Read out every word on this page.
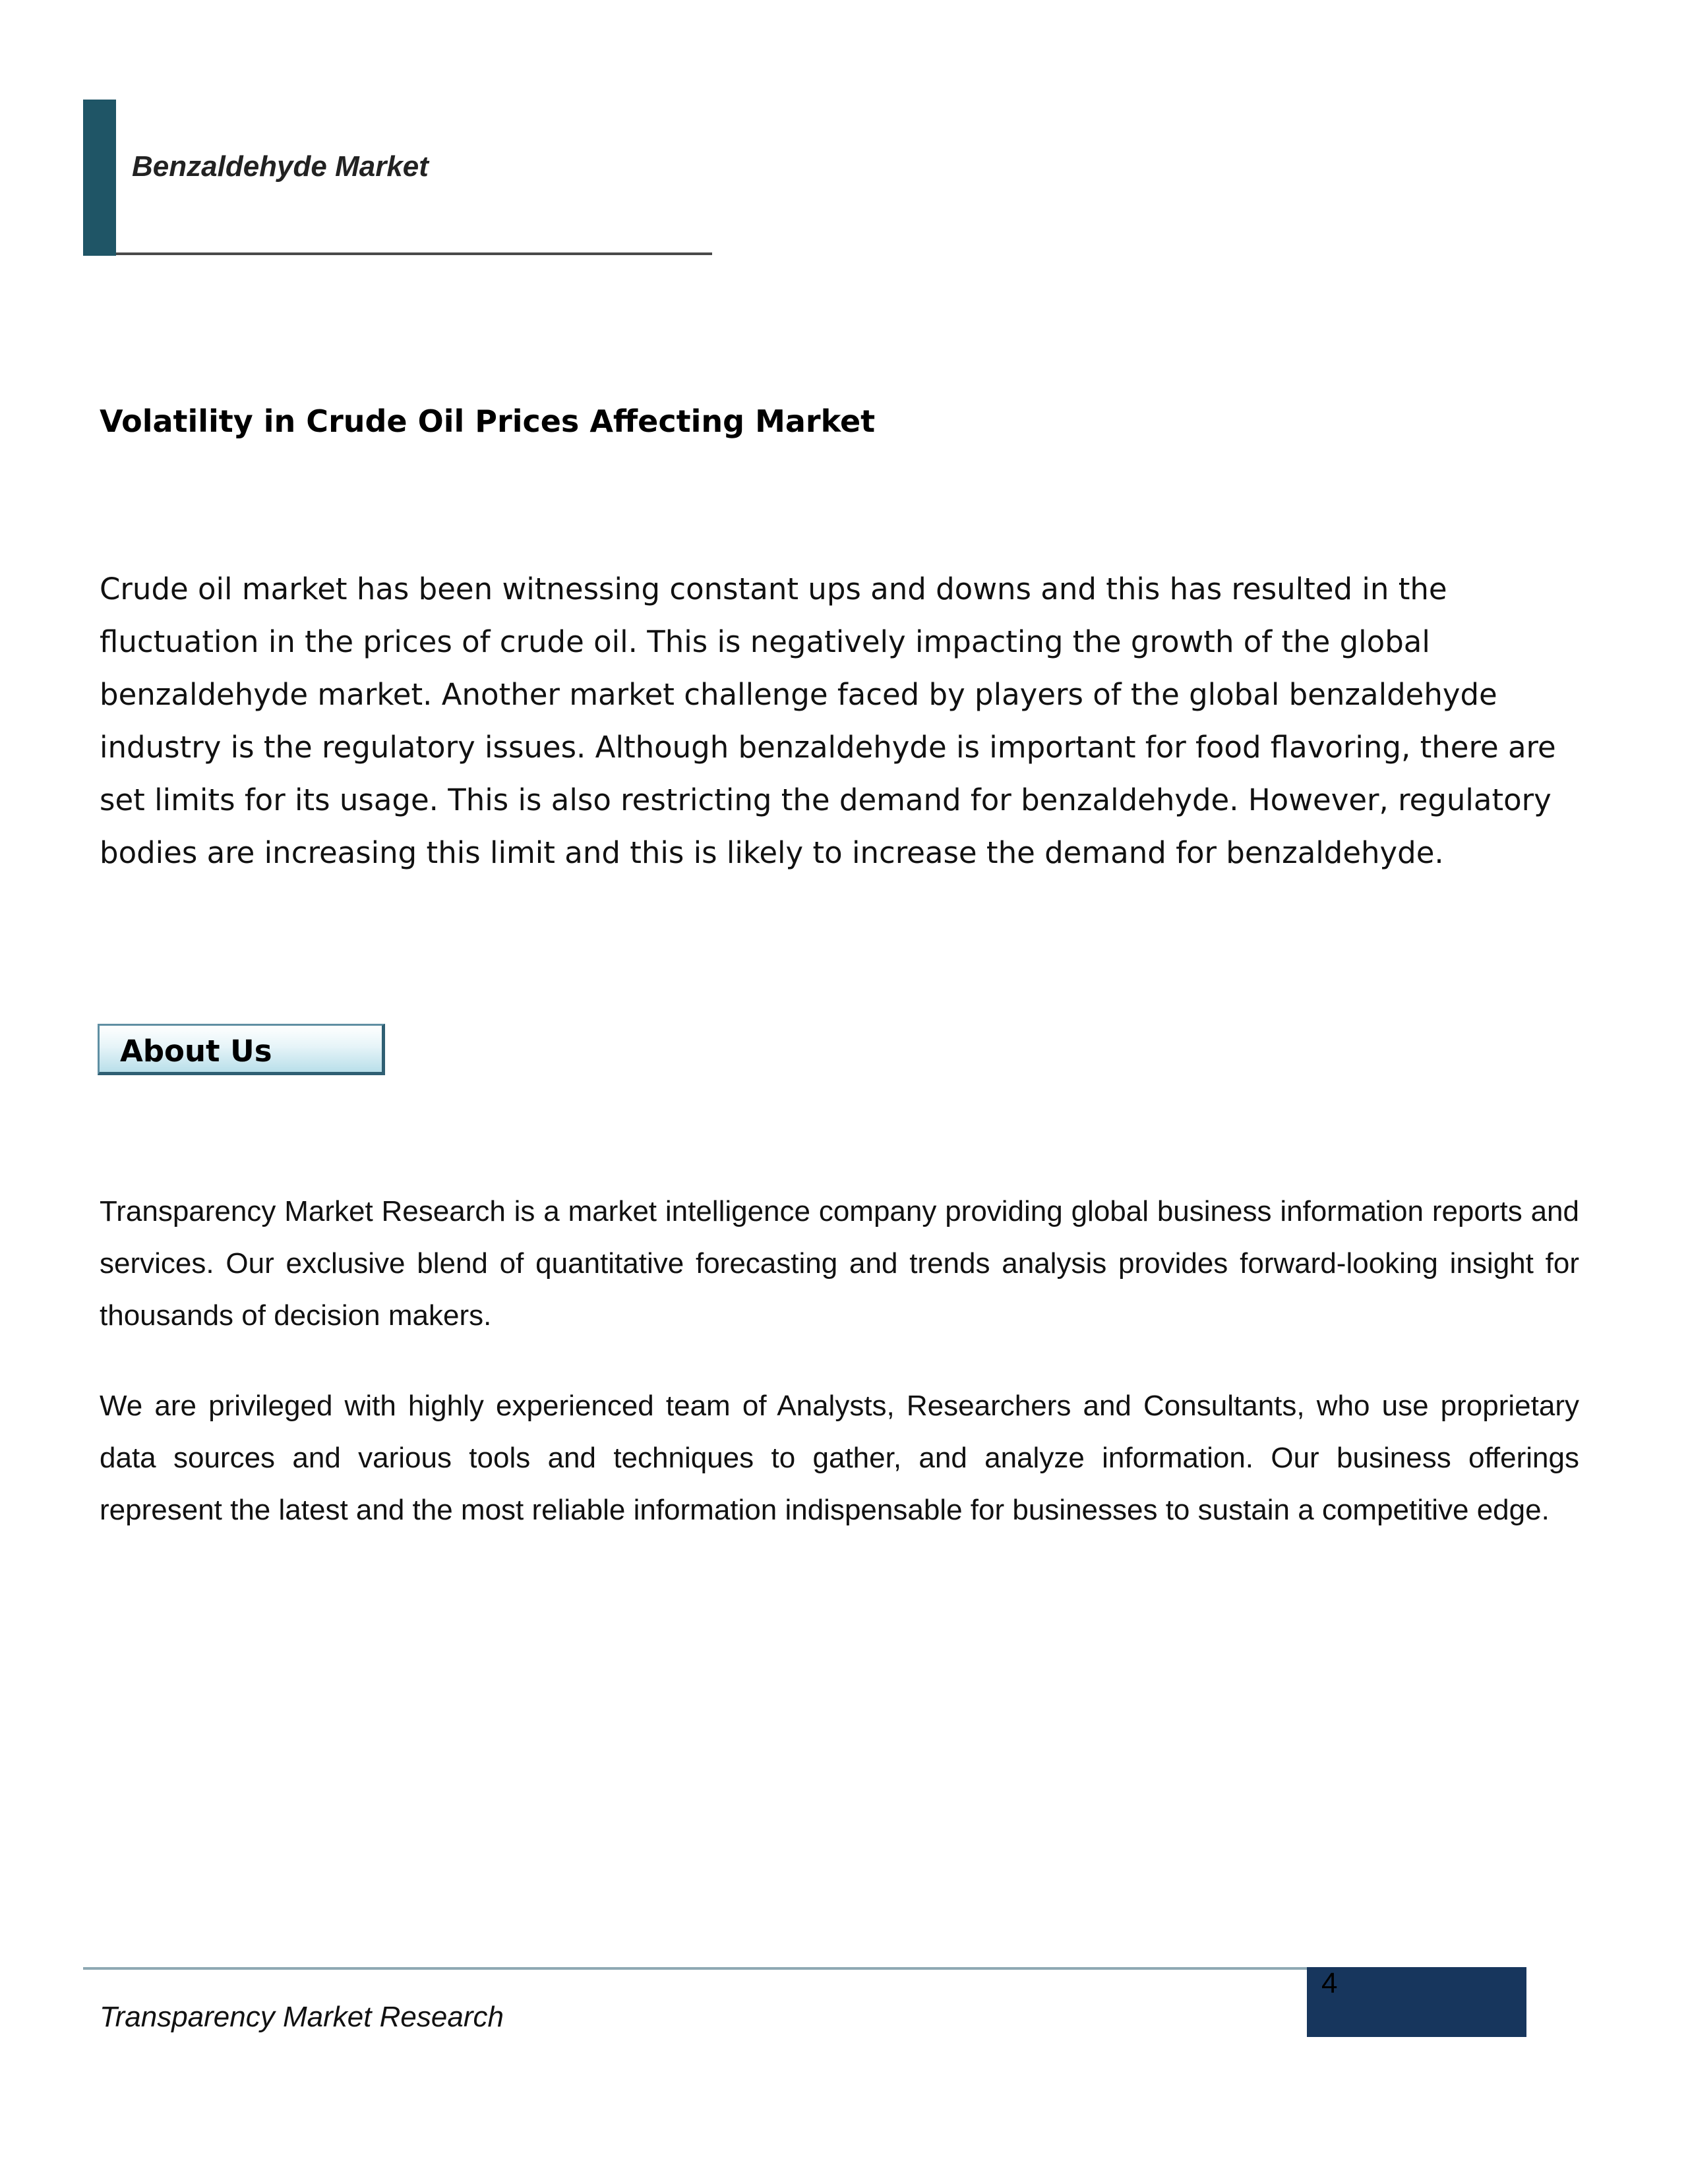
Benzaldehyde Market
Volatility in Crude Oil Prices Affecting Market

Crude oil market has been witnessing constant ups and downs and this has resulted in the fluctuation in the prices of crude oil. This is negatively impacting the growth of the global benzaldehyde market. Another market challenge faced by players of the global benzaldehyde industry is the regulatory issues. Although benzaldehyde is important for food flavoring, there are set limits for its usage. This is also restricting the demand for benzaldehyde. However, regulatory bodies are increasing this limit and this is likely to increase the demand for benzaldehyde.

About Us

Transparency Market Research is a market intelligence company providing global business information reports and services. Our exclusive blend of quantitative forecasting and trends analysis provides forward-looking insight for thousands of decision makers.

We are privileged with highly experienced team of Analysts, Researchers and Consultants, who use proprietary data sources and various tools and techniques to gather, and analyze information. Our business offerings represent the latest and the most reliable information indispensable for businesses to sustain a competitive edge.

4
Transparency Market Research
